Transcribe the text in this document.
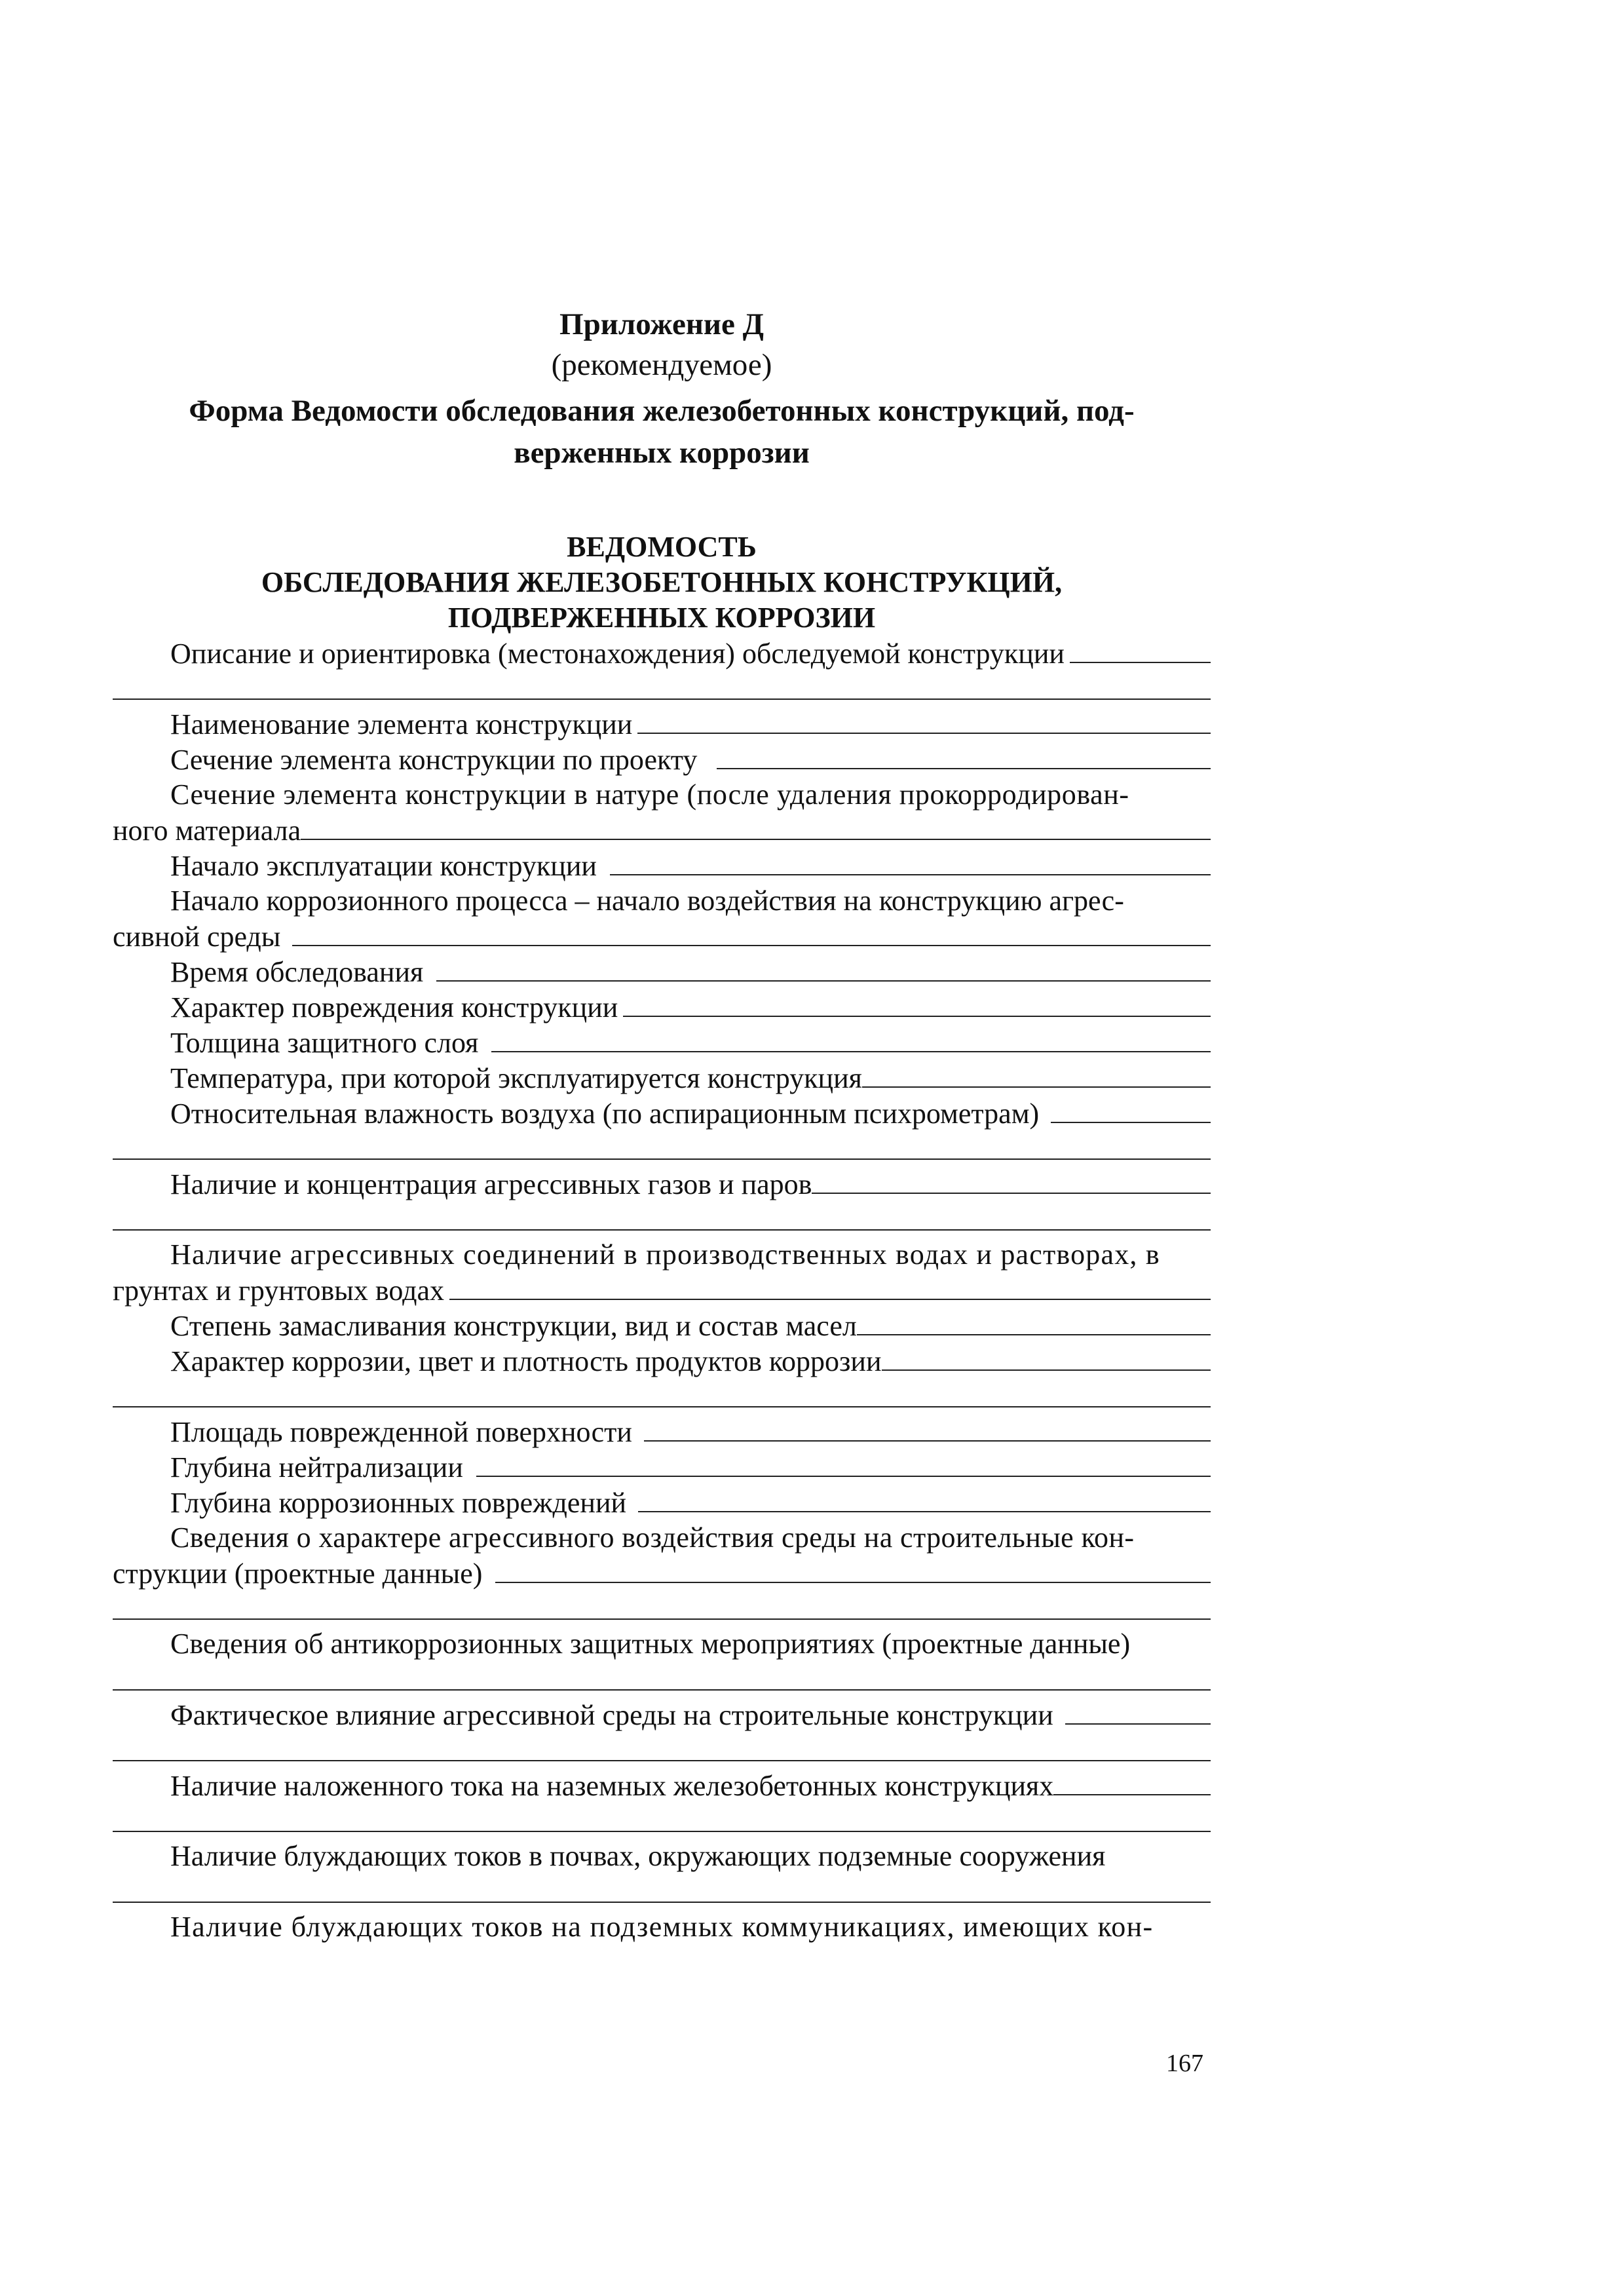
Приложение Д
(рекомендуемое)
Форма Ведомости обследования железобетонных конструкций, под-
верженных коррозии
ВЕДОМОСТЬ
ОБСЛЕДОВАНИЯ ЖЕЛЕЗОБЕТОННЫХ КОНСТРУКЦИЙ,
ПОДВЕРЖЕННЫХ КОРРОЗИИ
Описание и ориентировка (местонахождения) обследуемой конструкции
Наименование элемента конструкции
Сечение элемента конструкции по проекту
Сечение элемента конструкции в натуре (после удаления прокорродирован-
ного материала
Начало эксплуатации конструкции
Начало коррозионного процесса – начало воздействия на конструкцию агрес-
сивной среды
Время обследования
Характер повреждения конструкции
Толщина защитного слоя
Температура, при которой эксплуатируется конструкция
Относительная влажность воздуха (по аспирационным психрометрам)
Наличие и концентрация агрессивных газов и паров
Наличие агрессивных соединений в производственных водах и растворах, в
грунтах и грунтовых водах
Степень замасливания конструкции, вид и состав масел
Характер коррозии, цвет и плотность продуктов коррозии
Площадь поврежденной поверхности
Глубина нейтрализации
Глубина коррозионных повреждений
Сведения о характере агрессивного воздействия среды на строительные кон-
струкции (проектные данные)
Сведения об антикоррозионных защитных мероприятиях (проектные данные)
Фактическое влияние агрессивной среды на строительные конструкции
Наличие наложенного тока на наземных железобетонных конструкциях
Наличие блуждающих токов в почвах, окружающих подземные сооружения
Наличие блуждающих токов на подземных коммуникациях, имеющих кон-
167
